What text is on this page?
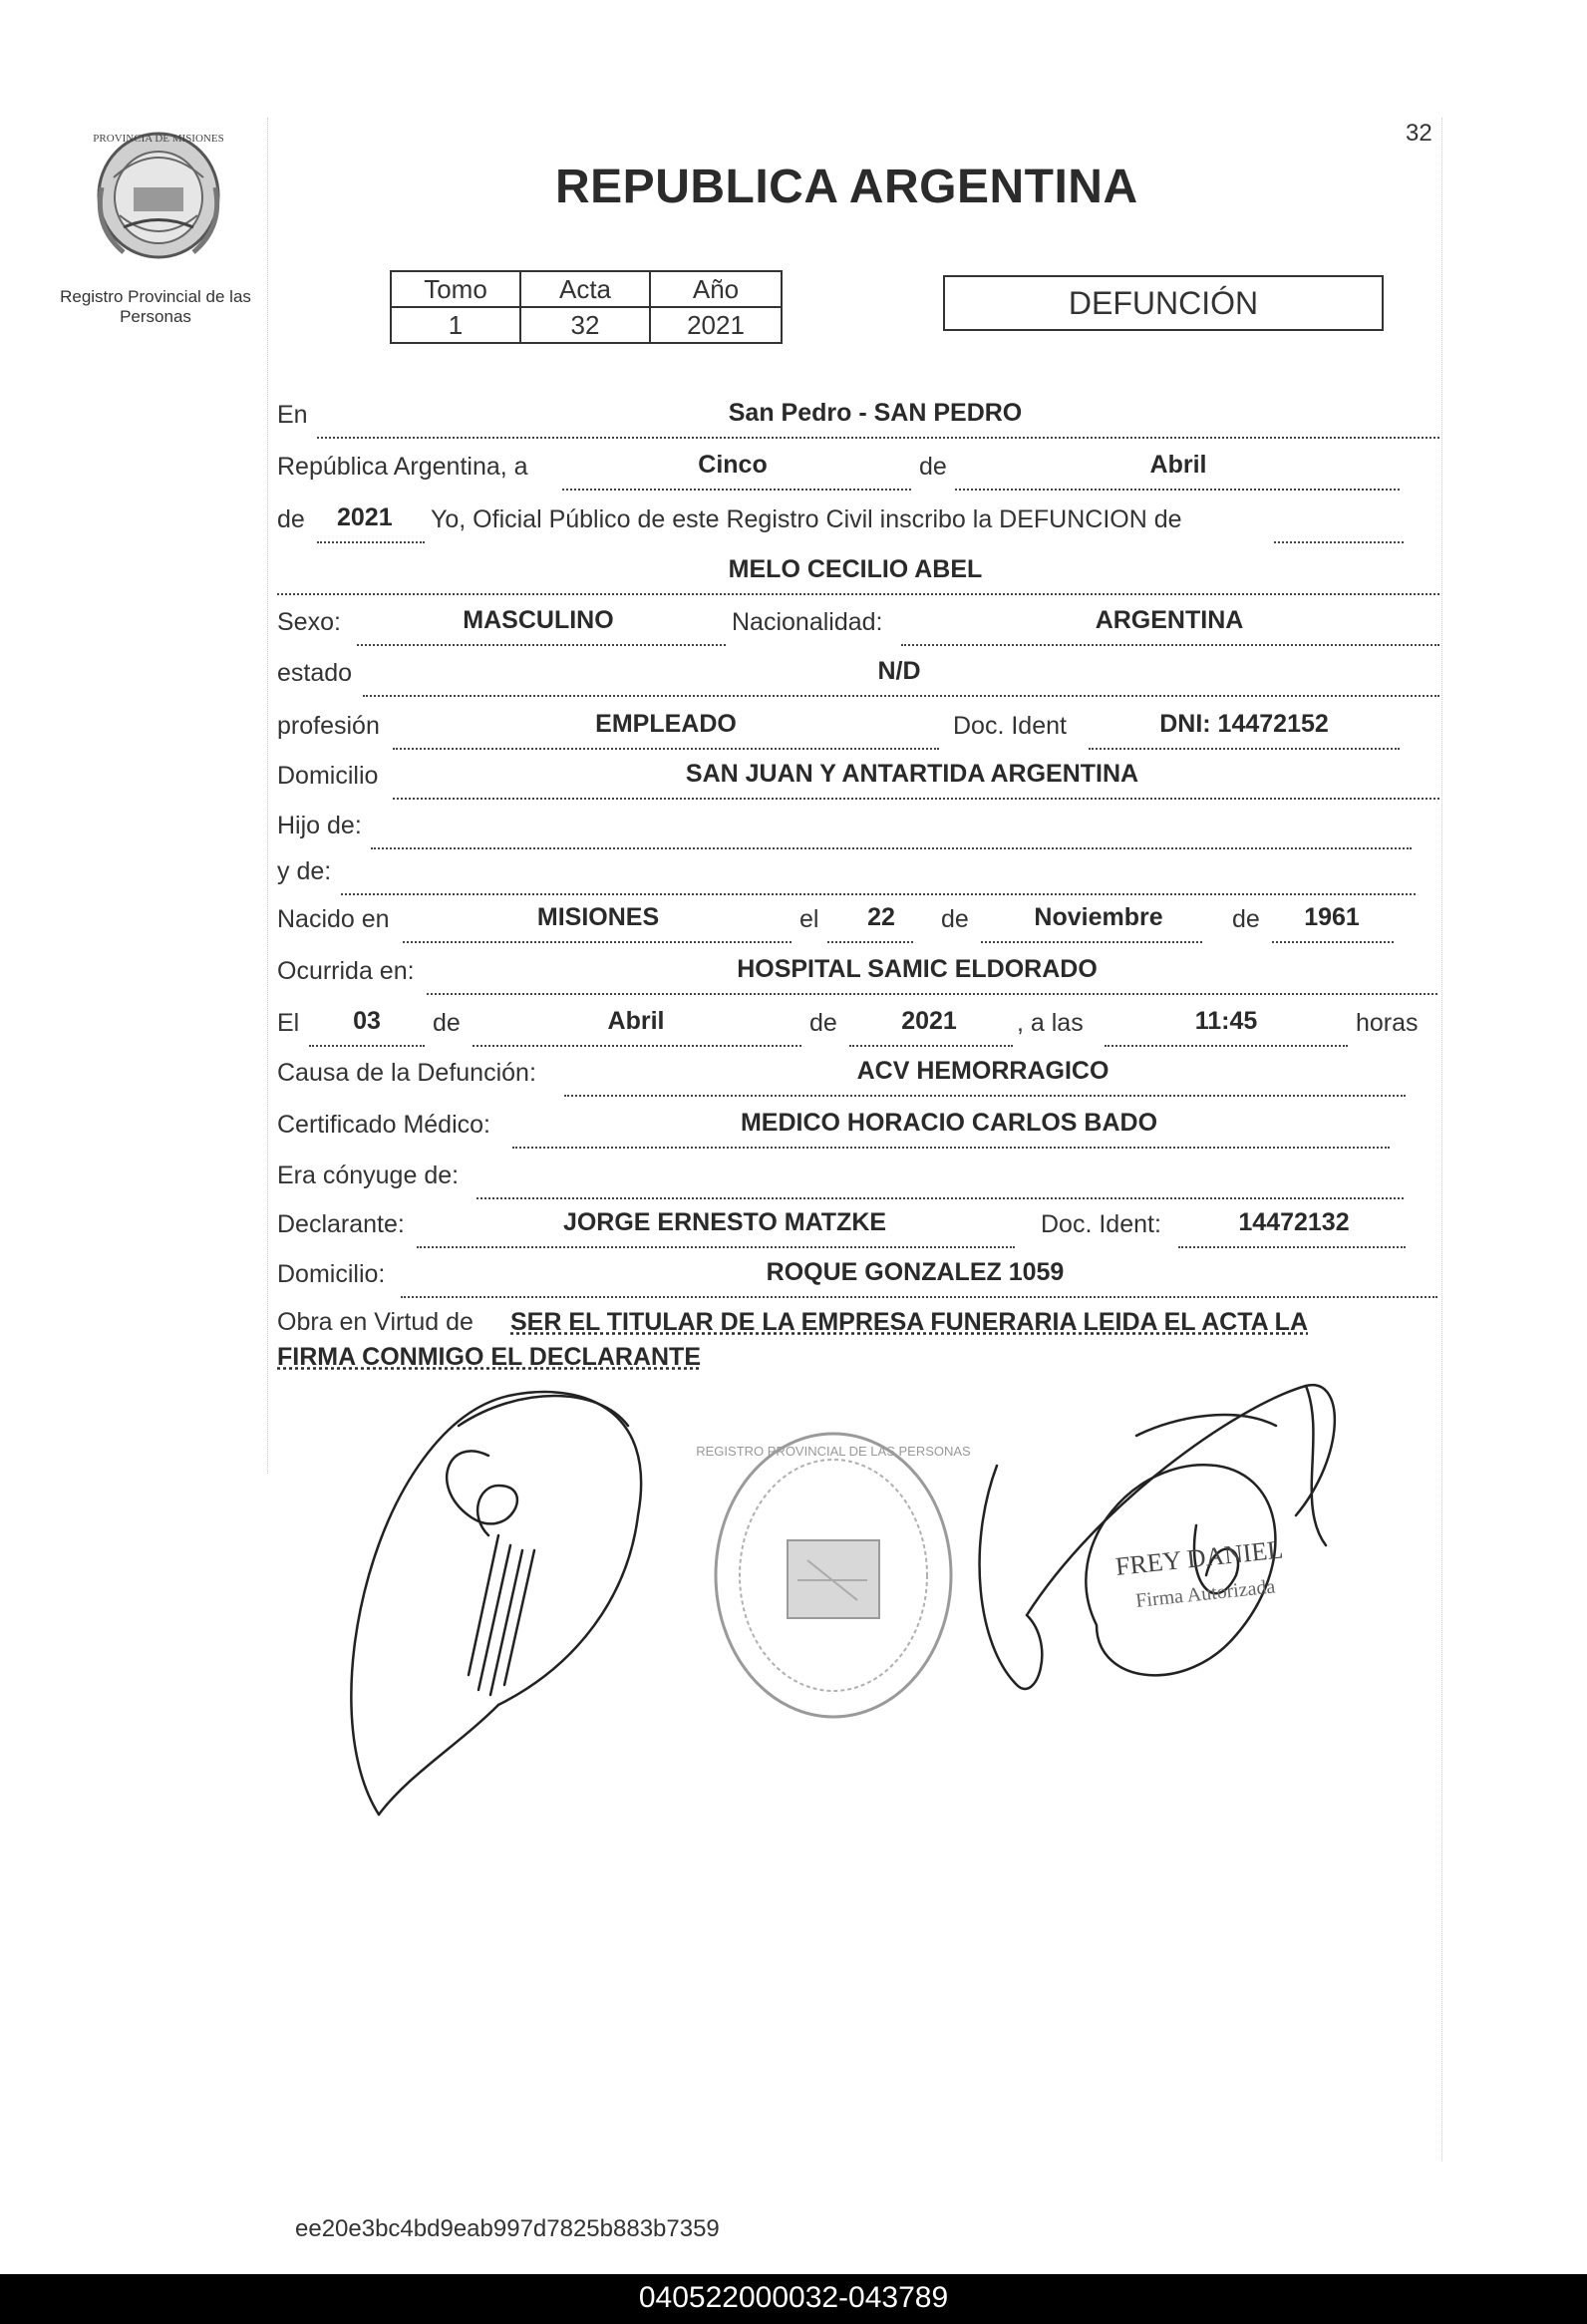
32
PROVINCIA DE MISIONES
Registro Provincial de las Personas
REPUBLICA ARGENTINA
Tomo	Acta	Año
1	32	2021
DEFUNCIÓN
En	San Pedro - SAN PEDRO
República Argentina, a	Cinco	de	Abril
de 2021 Yo, Oficial Público de este Registro Civil inscribo la DEFUNCION de
MELO CECILIO ABEL
Sexo:	MASCULINO	Nacionalidad:	ARGENTINA
estado	N/D
profesión	EMPLEADO	Doc. Ident	DNI: 14472152
Domicilio	SAN JUAN Y ANTARTIDA ARGENTINA
Hijo de:
y de:
Nacido en	MISIONES	el 22 de	Noviembre	de 1961
Ocurrida en:	HOSPITAL SAMIC ELDORADO
El 03 de	Abril	de	2021 , a las	11:45	horas
Causa de la Defunción:	ACV HEMORRAGICO
Certificado Médico:	MEDICO HORACIO CARLOS BADO
Era cónyuge de:
Declarante:	JORGE ERNESTO MATZKE	Doc. Ident:	14472132
Domicilio:	ROQUE GONZALEZ 1059
Obra en Virtud de SER EL TITULAR DE LA EMPRESA FUNERARIA LEIDA EL ACTA LA
FIRMA CONMIGO EL DECLARANTE
REGISTRO PROVINCIAL DE LAS PERSONAS
FREY DANIEL
Firma Autorizada
ee20e3bc4bd9eab997d7825b883b7359
040522000032-043789
